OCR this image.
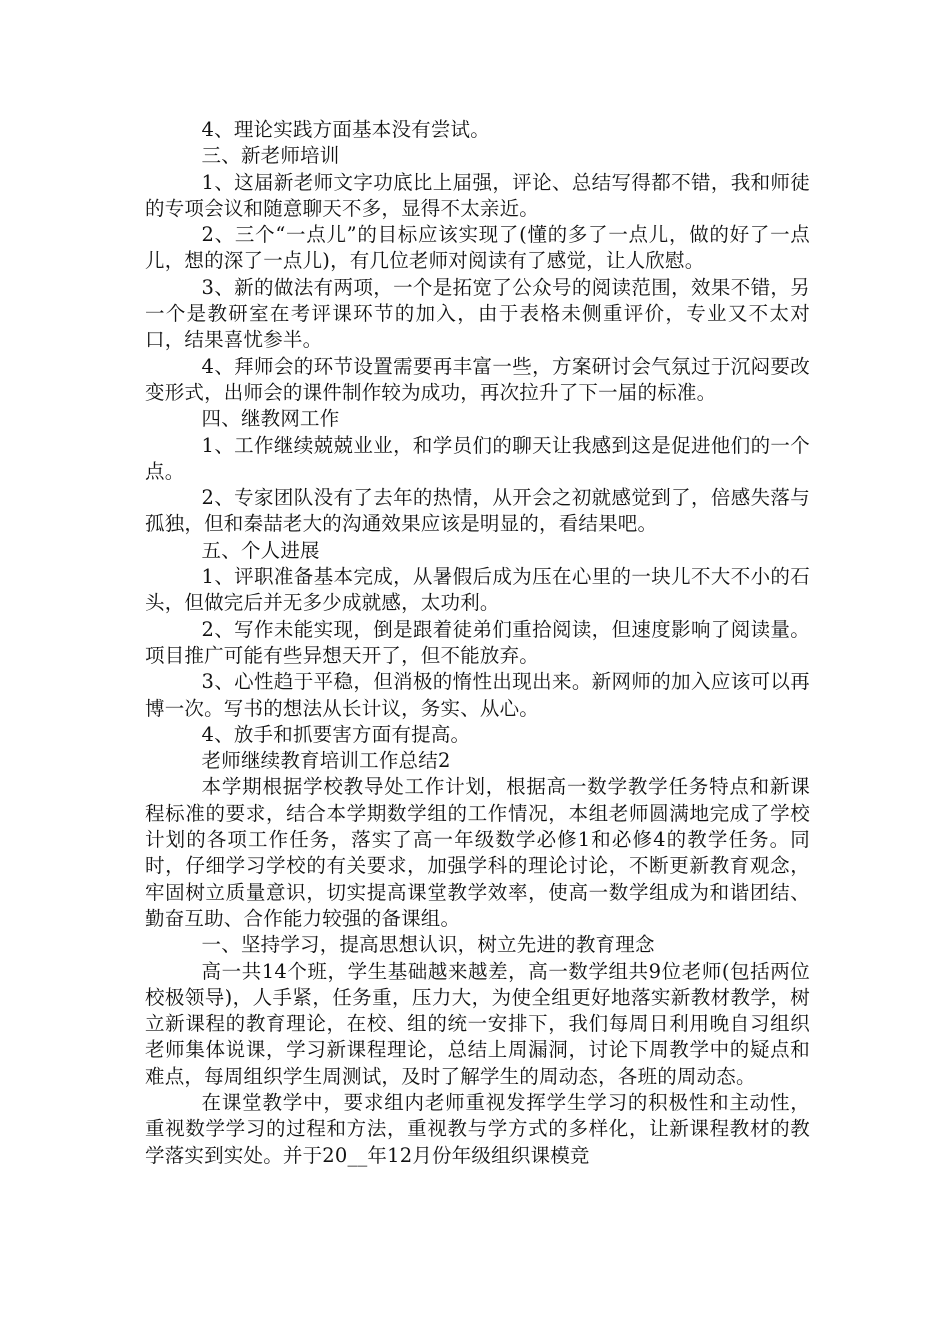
4、理论实践方面基本没有尝试。

三、新老师培训

1、这届新老师文字功底比上届强，评论、总结写得都不错，我和师徒的专项会议和随意聊天不多，显得不太亲近。

2、三个“一点儿”的目标应该实现了(懂的多了一点儿，做的好了一点儿，想的深了一点儿)，有几位老师对阅读有了感觉，让人欣慰。

3、新的做法有两项，一个是拓宽了公众号的阅读范围，效果不错，另一个是教研室在考评课环节的加入，由于表格未侧重评价，专业又不太对口，结果喜忧参半。

4、拜师会的环节设置需要再丰富一些，方案研讨会气氛过于沉闷要改变形式，出师会的课件制作较为成功，再次拉升了下一届的标准。

四、继教网工作

1、工作继续兢兢业业，和学员们的聊天让我感到这是促进他们的一个点。

2、专家团队没有了去年的热情，从开会之初就感觉到了，倍感失落与孤独，但和秦喆老大的沟通效果应该是明显的，看结果吧。

五、个人进展

1、评职准备基本完成，从暑假后成为压在心里的一块儿不大不小的石头，但做完后并无多少成就感，太功利。

2、写作未能实现，倒是跟着徒弟们重拾阅读，但速度影响了阅读量。项目推广可能有些异想天开了，但不能放弃。

3、心性趋于平稳，但消极的惰性出现出来。新网师的加入应该可以再博一次。写书的想法从长计议，务实、从心。

4、放手和抓要害方面有提高。

老师继续教育培训工作总结2

本学期根据学校教导处工作计划，根据高一数学教学任务特点和新课程标准的要求，结合本学期数学组的工作情况，本组老师圆满地完成了学校计划的各项工作任务，落实了高一年级数学必修1和必修4的教学任务。同时，仔细学习学校的有关要求，加强学科的理论讨论，不断更新教育观念，牢固树立质量意识，切实提高课堂教学效率，使高一数学组成为和谐团结、勤奋互助、合作能力较强的备课组。

一、坚持学习，提高思想认识，树立先进的教育理念

高一共14个班，学生基础越来越差，高一数学组共9位老师(包括两位校极领导)，人手紧，任务重，压力大，为使全组更好地落实新教材教学，树立新课程的教育理论，在校、组的统一安排下，我们每周日利用晚自习组织老师集体说课，学习新课程理论，总结上周漏洞，讨论下周教学中的疑点和难点，每周组织学生周测试，及时了解学生的周动态，各班的周动态。

在课堂教学中，要求组内老师重视发挥学生学习的积极性和主动性，重视数学学习的过程和方法，重视教与学方式的多样化，让新课程教材的教学落实到实处。并于20__年12月份年级组织课模竞
